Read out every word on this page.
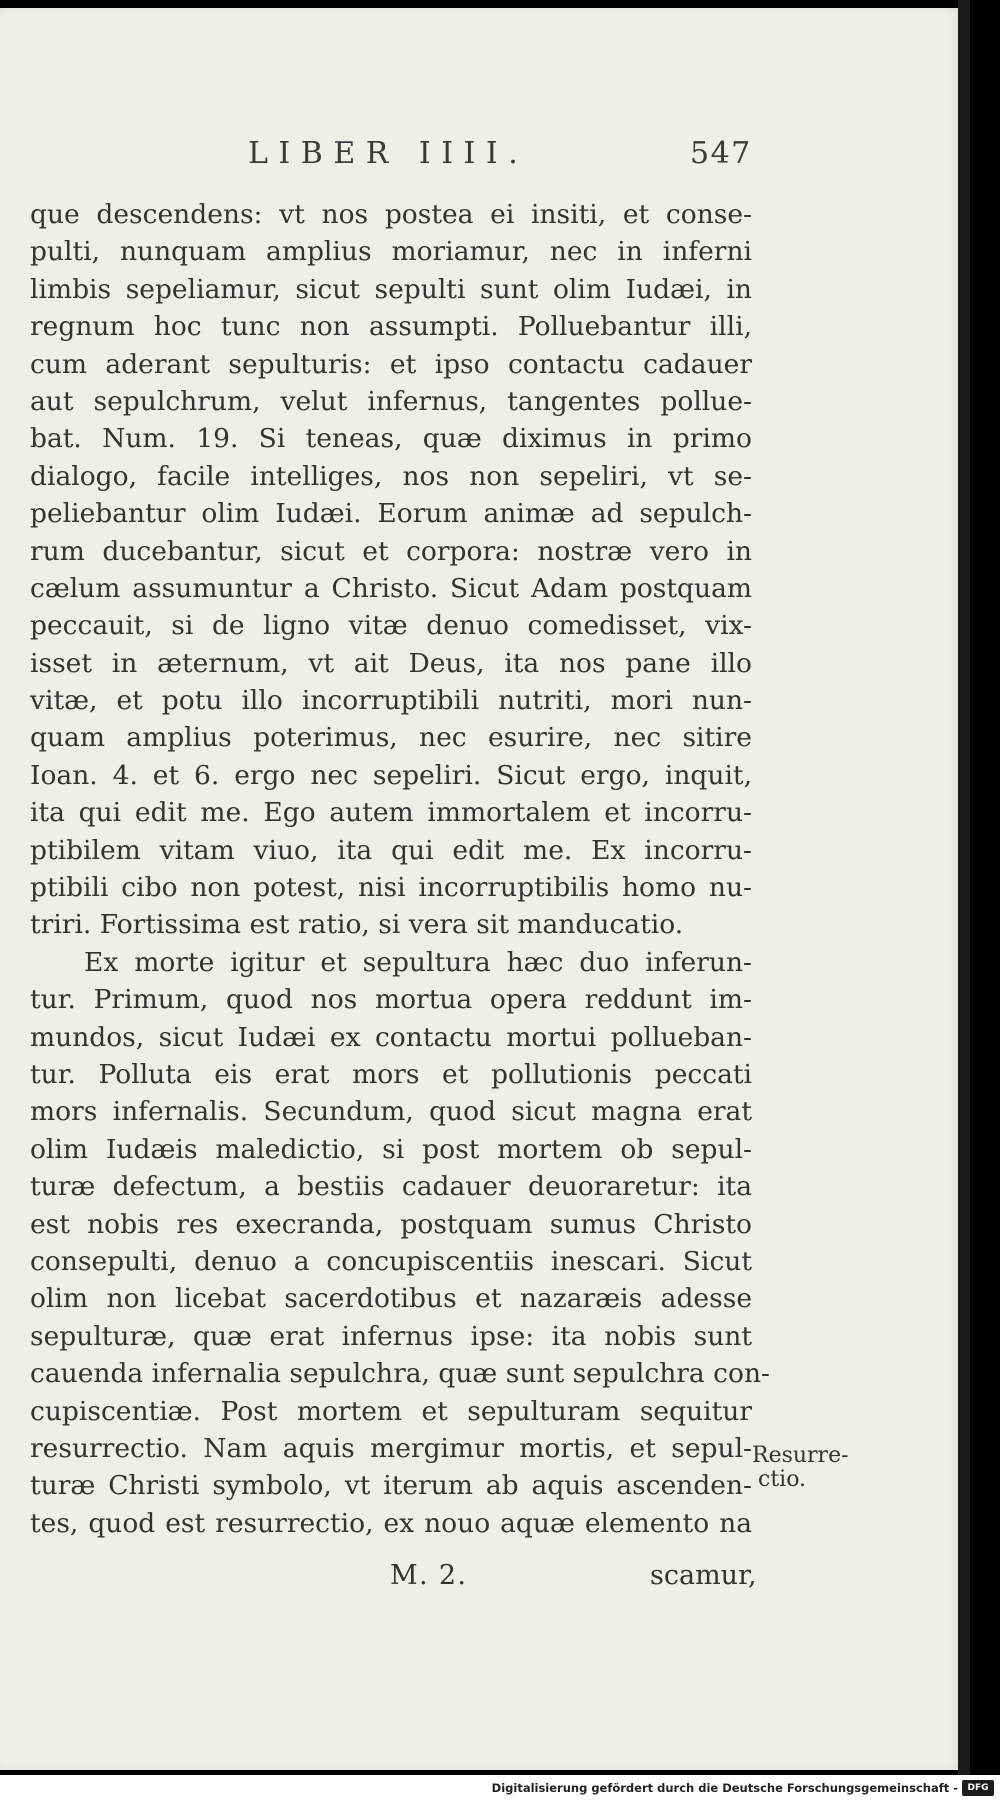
LIBER IIII.	547
que descendens: vt nos postea ei insiti, et conse-
pulti, nunquam amplius moriamur, nec in inferni
limbis sepeliamur, sicut sepulti sunt olim Iudæi, in
regnum hoc tunc non assumpti. Polluebantur illi,
cum aderant sepulturis: et ipso contactu cadauer
aut sepulchrum, velut infernus, tangentes pollue-
bat. Num. 19. Si teneas, quæ diximus in primo
dialogo, facile intelliges, nos non sepeliri, vt se-
peliebantur olim Iudæi. Eorum animæ ad sepulch-
rum ducebantur, sicut et corpora: nostræ vero in
cælum assumuntur a Christo. Sicut Adam postquam
peccauit, si de ligno vitæ denuo comedisset, vix-
isset in æternum, vt ait Deus, ita nos pane illo
vitæ, et potu illo incorruptibili nutriti, mori nun-
quam amplius poterimus, nec esurire, nec sitire
Ioan. 4. et 6. ergo nec sepeliri. Sicut ergo, inquit,
ita qui edit me. Ego autem immortalem et incorru-
ptibilem vitam viuo, ita qui edit me. Ex incorru-
ptibili cibo non potest, nisi incorruptibilis homo nu-
triri. Fortissima est ratio, si vera sit manducatio.
Ex morte igitur et sepultura hæc duo inferun-
tur. Primum, quod nos mortua opera reddunt im-
mundos, sicut Iudæi ex contactu mortui pollueban-
tur. Polluta eis erat mors et pollutionis peccati
mors infernalis. Secundum, quod sicut magna erat
olim Iudæis maledictio, si post mortem ob sepul-
turæ defectum, a bestiis cadauer deuoraretur: ita
est nobis res execranda, postquam sumus Christo
consepulti, denuo a concupiscentiis inescari. Sicut
olim non licebat sacerdotibus et nazaræis adesse
sepulturæ, quæ erat infernus ipse: ita nobis sunt
cauenda infernalia sepulchra, quæ sunt sepulchra con-
cupiscentiæ. Post mortem et sepulturam sequitur
resurrectio. Nam aquis mergimur mortis, et sepul-
turæ Christi symbolo, vt iterum ab aquis ascenden-
tes, quod est resurrectio, ex nouo aquæ elemento na
Resurre-
ctio.
M. 2.	scamur,
Digitalisierung gefördert durch die Deutsche Forschungsgemeinschaft -	DFG
